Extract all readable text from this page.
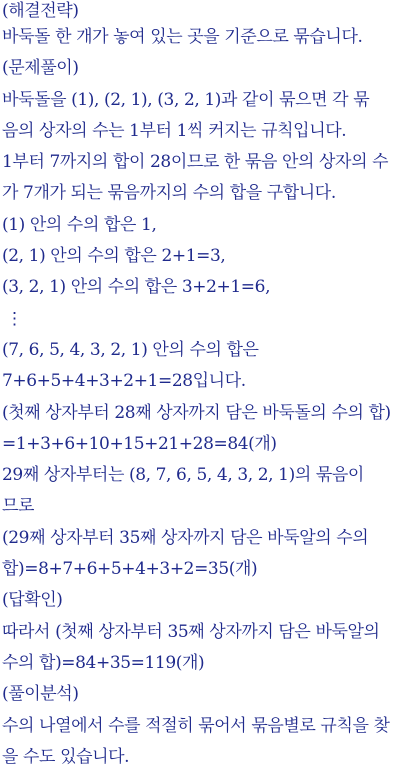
(해결전략)
바둑돌 한 개가 놓여 있는 곳을 기준으로 묶습니다.
(문제풀이)
바둑돌을 (1), (2, 1), (3, 2, 1)과 같이 묶으면 각 묶
음의 상자의 수는 1부터 1씩 커지는 규칙입니다.
1부터 7까지의 합이 28이므로 한 묶음 안의 상자의 수
가 7개가 되는 묶음까지의 수의 합을 구합니다.
(1) 안의 수의 합은 1,
(2, 1) 안의 수의 합은 2+1=3,
(3, 2, 1) 안의 수의 합은 3+2+1=6,
⋮
(7, 6, 5, 4, 3, 2, 1) 안의 수의 합은
7+6+5+4+3+2+1=28입니다.
(첫째 상자부터 28째 상자까지 담은 바둑돌의 수의 합)
=1+3+6+10+15+21+28=84(개)
29째 상자부터는 (8, 7, 6, 5, 4, 3, 2, 1)의 묶음이
므로
(29째 상자부터 35째 상자까지 담은 바둑알의 수의
합)=8+7+6+5+4+3+2=35(개)
(답확인)
따라서 (첫째 상자부터 35째 상자까지 담은 바둑알의
수의 합)=84+35=119(개)
(풀이분석)
수의 나열에서 수를 적절히 묶어서 묶음별로 규칙을 찾
을 수도 있습니다.
